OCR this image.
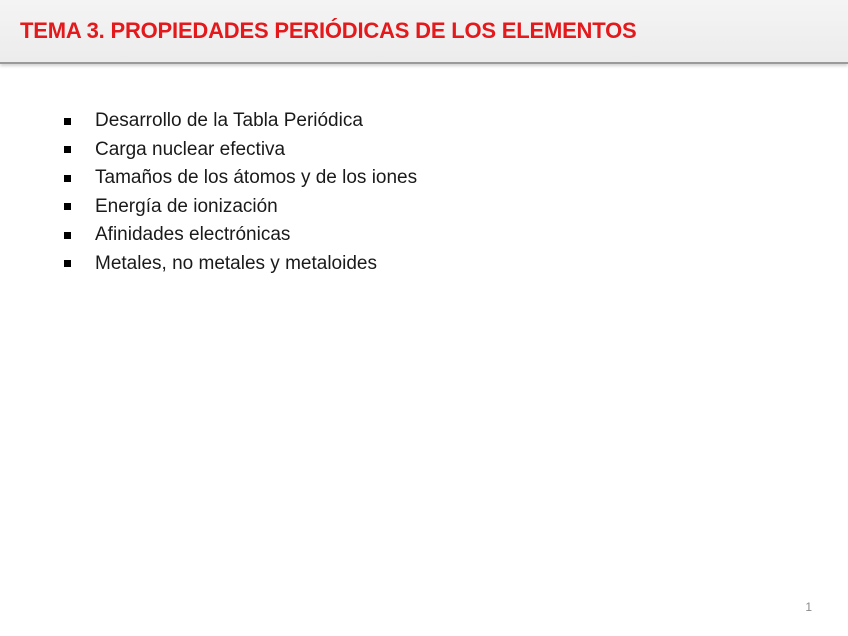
TEMA 3. PROPIEDADES PERIÓDICAS DE LOS ELEMENTOS
Desarrollo de la Tabla Periódica
Carga nuclear efectiva
Tamaños de los átomos y de los iones
Energía de ionización
Afinidades electrónicas
Metales, no metales y metaloides
1
